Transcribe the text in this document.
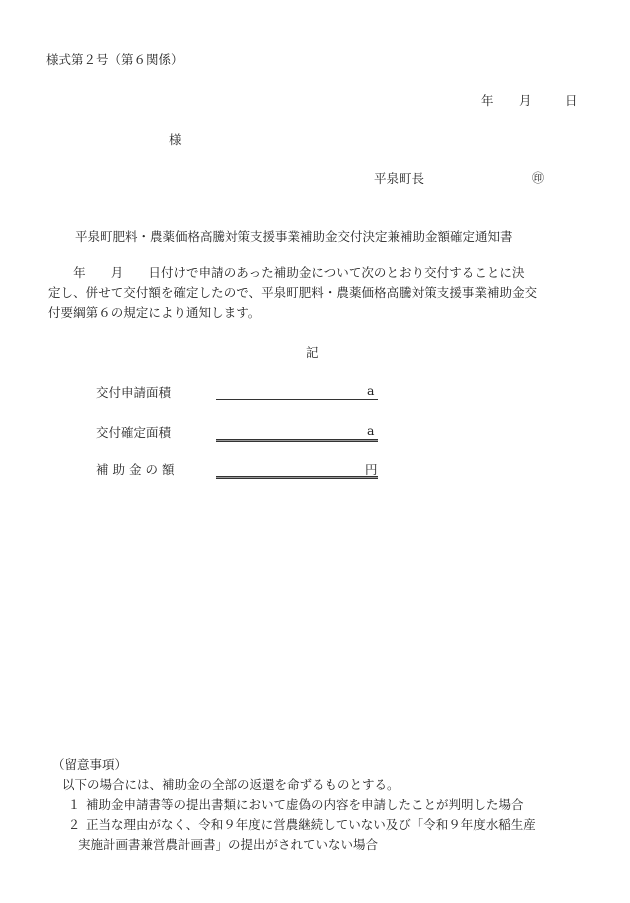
様式第２号（第６関係）
年 月	日
様
平泉町長	㊞
平泉町肥料・農薬価格高騰対策支援事業補助金交付決定兼補助金額確定通知書
　　年　　月　　日付けで申請のあった補助金について次のとおり交付することに決
定し、併せて交付額を確定したので、平泉町肥料・農薬価格高騰対策支援事業補助金交
付要綱第６の規定により通知します。
記
交付申請面積	a
交付確定面積	a
補助金の額	円
（留意事項）
以下の場合には、補助金の全部の返還を命ずるものとする。
１ 補助金申請書等の提出書類において虚偽の内容を申請したことが判明した場合
２ 正当な理由がなく、令和９年度に営農継続していない及び「令和９年度水稲生産
実施計画書兼営農計画書」の提出がされていない場合
